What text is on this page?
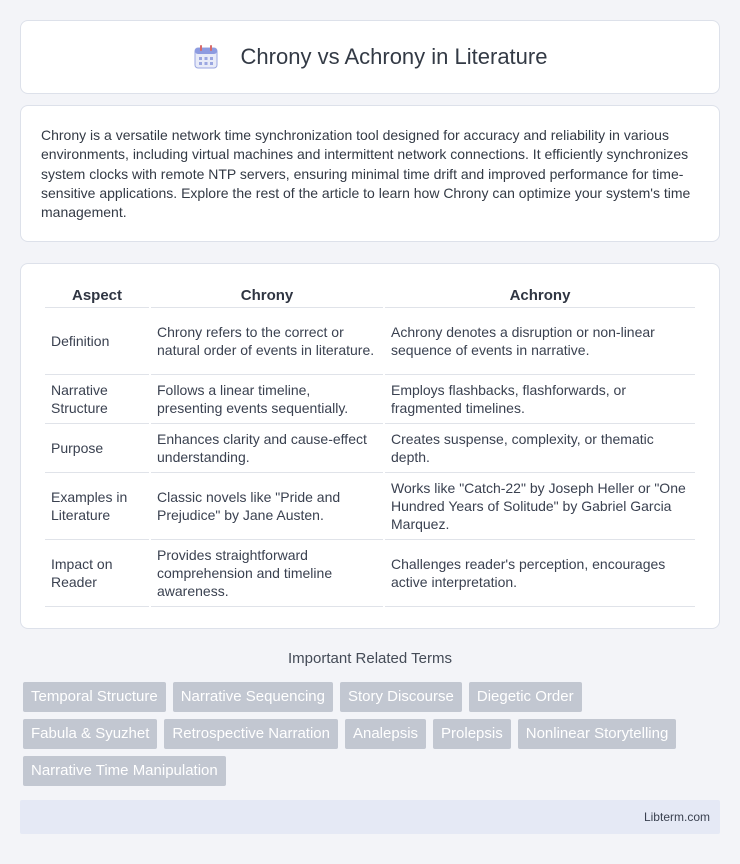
Chrony vs Achrony in Literature

Chrony is a versatile network time synchronization tool designed for accuracy and reliability in various environments, including virtual machines and intermittent network connections. It efficiently synchronizes system clocks with remote NTP servers, ensuring minimal time drift and improved performance for time-sensitive applications. Explore the rest of the article to learn how Chrony can optimize your system's time management.

Aspect	Chrony	Achrony
Definition	Chrony refers to the correct or natural order of events in literature.	Achrony denotes a disruption or non-linear sequence of events in narrative.
Narrative Structure	Follows a linear timeline, presenting events sequentially.	Employs flashbacks, flashforwards, or fragmented timelines.
Purpose	Enhances clarity and cause-effect understanding.	Creates suspense, complexity, or thematic depth.
Examples in Literature	Classic novels like "Pride and Prejudice" by Jane Austen.	Works like "Catch-22" by Joseph Heller or "One Hundred Years of Solitude" by Gabriel Garcia Marquez.
Impact on Reader	Provides straightforward comprehension and timeline awareness.	Challenges reader's perception, encourages active interpretation.
Important Related Terms
Temporal Structure	Narrative Sequencing	Story Discourse	Diegetic Order
Fabula & Syuzhet	Retrospective Narration	Analepsis	Prolepsis	Nonlinear Storytelling
Narrative Time Manipulation
Libterm.com
